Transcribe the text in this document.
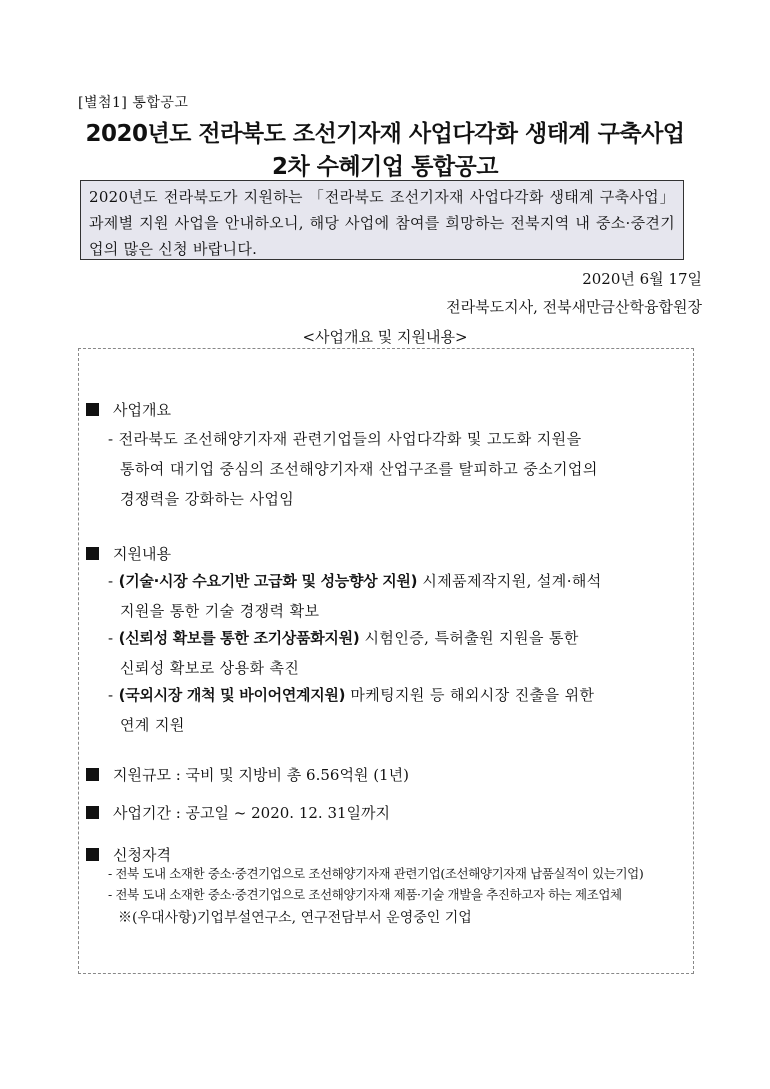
[별첨1] 통합공고
2020년도 전라북도 조선기자재 사업다각화 생태계 구축사업
2차 수혜기업 통합공고
2020년도 전라북도가 지원하는 「전라북도 조선기자재 사업다각화 생태계 구축사업」 과제별 지원 사업을 안내하오니, 해당 사업에 참여를 희망하는 전북지역 내 중소·중견기업의 많은 신청 바랍니다.
2020년 6월 17일
전라북도지사, 전북새만금산학융합원장
<사업개요 및 지원내용>
사업개요
- 전라북도 조선해양기자재 관련기업들의 사업다각화 및 고도화 지원을
통하여 대기업 중심의 조선해양기자재 산업구조를 탈피하고 중소기업의
경쟁력을 강화하는 사업임
지원내용
- (기술·시장 수요기반 고급화 및 성능향상 지원) 시제품제작지원, 설계·해석
지원을 통한 기술 경쟁력 확보
- (신뢰성 확보를 통한 조기상품화지원) 시험인증, 특허출원 지원을 통한
신뢰성 확보로 상용화 촉진
- (국외시장 개척 및 바이어연계지원) 마케팅지원 등 해외시장 진출을 위한
연계 지원
지원규모 : 국비 및 지방비 총 6.56억원 (1년)
사업기간 : 공고일 ~ 2020. 12. 31일까지
신청자격
- 전북 도내 소재한 중소·중견기업으로 조선해양기자재 관련기업(조선해양기자재 납품실적이 있는기업)
- 전북 도내 소재한 중소·중견기업으로 조선해양기자재 제품·기술 개발을 추진하고자 하는 제조업체
※(우대사항)기업부설연구소, 연구전담부서 운영중인 기업
